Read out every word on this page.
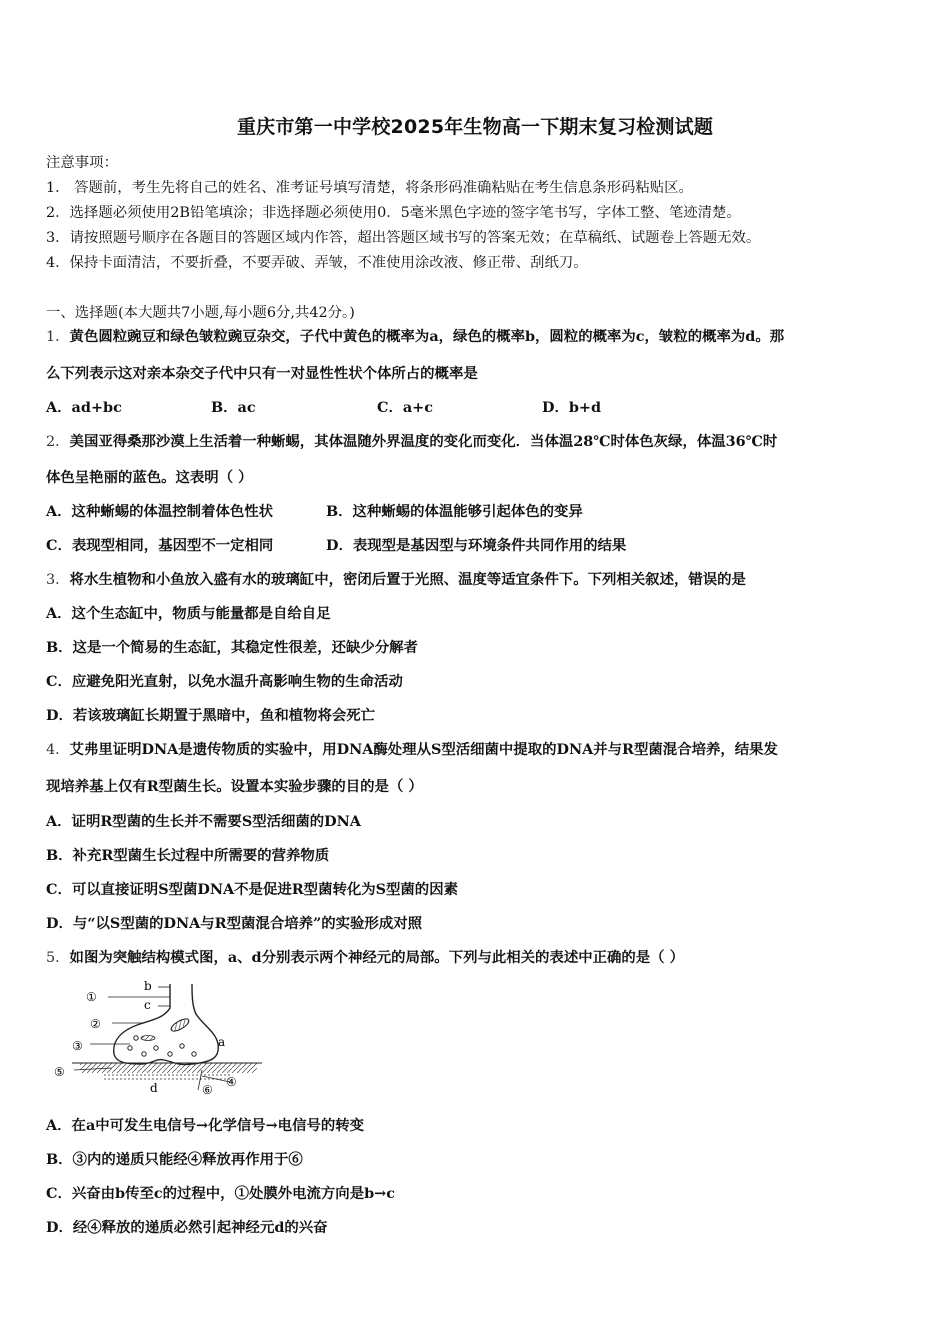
重庆市第一中学校2025年生物高一下期末复习检测试题
注意事项：
1． 答题前，考生先将自己的姓名、准考证号填写清楚，将条形码准确粘贴在考生信息条形码粘贴区。
2．选择题必须使用2B铅笔填涂；非选择题必须使用0．5毫米黑色字迹的签字笔书写，字体工整、笔迹清楚。
3．请按照题号顺序在各题目的答题区域内作答，超出答题区域书写的答案无效；在草稿纸、试题卷上答题无效。
4．保持卡面清洁，不要折叠，不要弄破、弄皱，不准使用涂改液、修正带、刮纸刀。
一、选择题(本大题共7小题,每小题6分,共42分。)
1．黄色圆粒豌豆和绿色皱粒豌豆杂交，子代中黄色的概率为a，绿色的概率b，圆粒的概率为c，皱粒的概率为d。那
么下列表示这对亲本杂交子代中只有一对显性性状个体所占的概率是
A．ad+bc	B．ac	C．a+c	D．b+d
2．美国亚得桑那沙漠上生活着一种蜥蜴，其体温随外界温度的变化而变化．当体温28℃时体色灰绿，体温36℃时
体色呈艳丽的蓝色。这表明（ ）
A．这种蜥蜴的体温控制着体色性状	B．这种蜥蜴的体温能够引起体色的变异
C．表现型相同，基因型不一定相同	D．表现型是基因型与环境条件共同作用的结果
3．将水生植物和小鱼放入盛有水的玻璃缸中，密闭后置于光照、温度等适宜条件下。下列相关叙述，错误的是
A．这个生态缸中，物质与能量都是自给自足
B．这是一个简易的生态缸，其稳定性很差，还缺少分解者
C．应避免阳光直射，以免水温升高影响生物的生命活动
D．若该玻璃缸长期置于黑暗中，鱼和植物将会死亡
4．艾弗里证明DNA是遗传物质的实验中，用DNA酶处理从S型活细菌中提取的DNA并与R型菌混合培养，结果发
现培养基上仅有R型菌生长。设置本实验步骤的目的是（ ）
A．证明R型菌的生长并不需要S型活细菌的DNA
B．补充R型菌生长过程中所需要的营养物质
C．可以直接证明S型菌DNA不是促进R型菌转化为S型菌的因素
D．与“以S型菌的DNA与R型菌混合培养”的实验形成对照
5．如图为突触结构模式图，a、d分别表示两个神经元的局部。下列与此相关的表述中正确的是（ ）
①
②
③
④
⑤
⑥
a
b
c
d
A．在a中可发生电信号→化学信号→电信号的转变
B．③内的递质只能经④释放再作用于⑥
C．兴奋由b传至c的过程中，①处膜外电流方向是b→c
D．经④释放的递质必然引起神经元d的兴奋
